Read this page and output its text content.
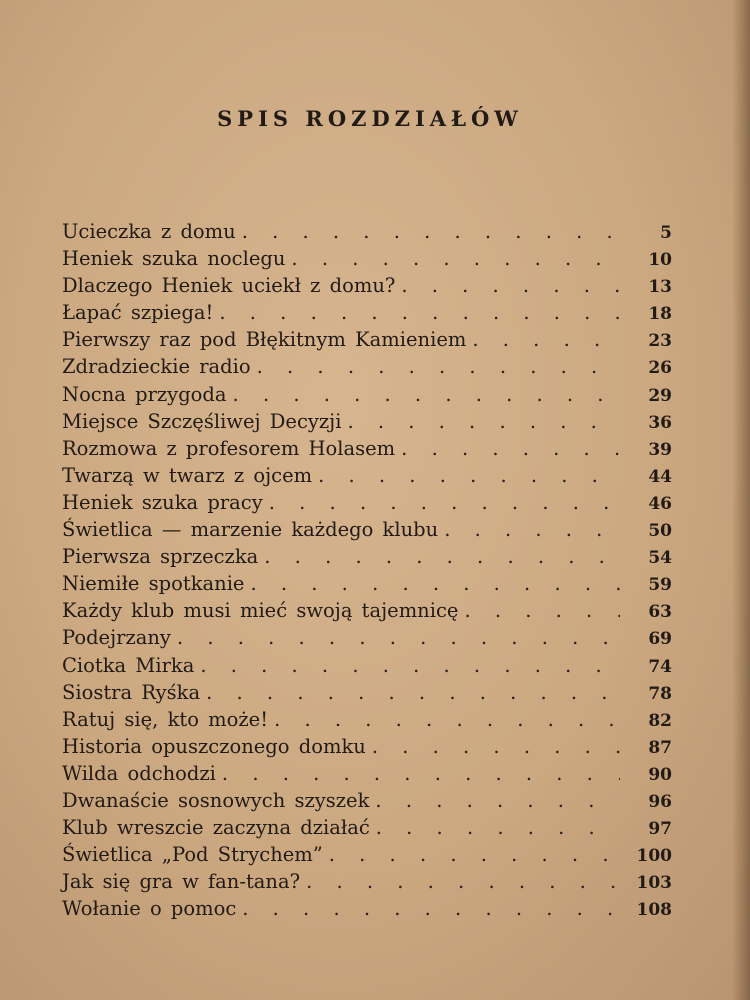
SPIS ROZDZIAŁÓW
Ucieczka z domu . . .	5
Heniek szuka noclegu . . .	10
Dlaczego Heniek uciekł z domu? . . .	13
Łapać szpiega! . . .	18
Pierwszy raz pod Błękitnym Kamieniem . . .	23
Zdradzieckie radio . . .	26
Nocna przygoda . . .	29
Miejsce Szczęśliwej Decyzji . . .	36
Rozmowa z profesorem Holasem . . .	39
Twarzą w twarz z ojcem . . .	44
Heniek szuka pracy . . .	46
Świetlica — marzenie każdego klubu . . .	50
Pierwsza sprzeczka . . .	54
Niemiłe spotkanie . . .	59
Każdy klub musi mieć swoją tajemnicę . . .	63
Podejrzany . . .	69
Ciotka Mirka . . .	74
Siostra Ryśka . . .	78
Ratuj się, kto może! . . .	82
Historia opuszczonego domku . . .	87
Wilda odchodzi . . .	90
Dwanaście sosnowych szyszek . . .	96
Klub wreszcie zaczyna działać . . .	97
Świetlica „Pod Strychem” . . .	100
Jak się gra w fan-tana? . . .	103
Wołanie o pomoc . . .	108
